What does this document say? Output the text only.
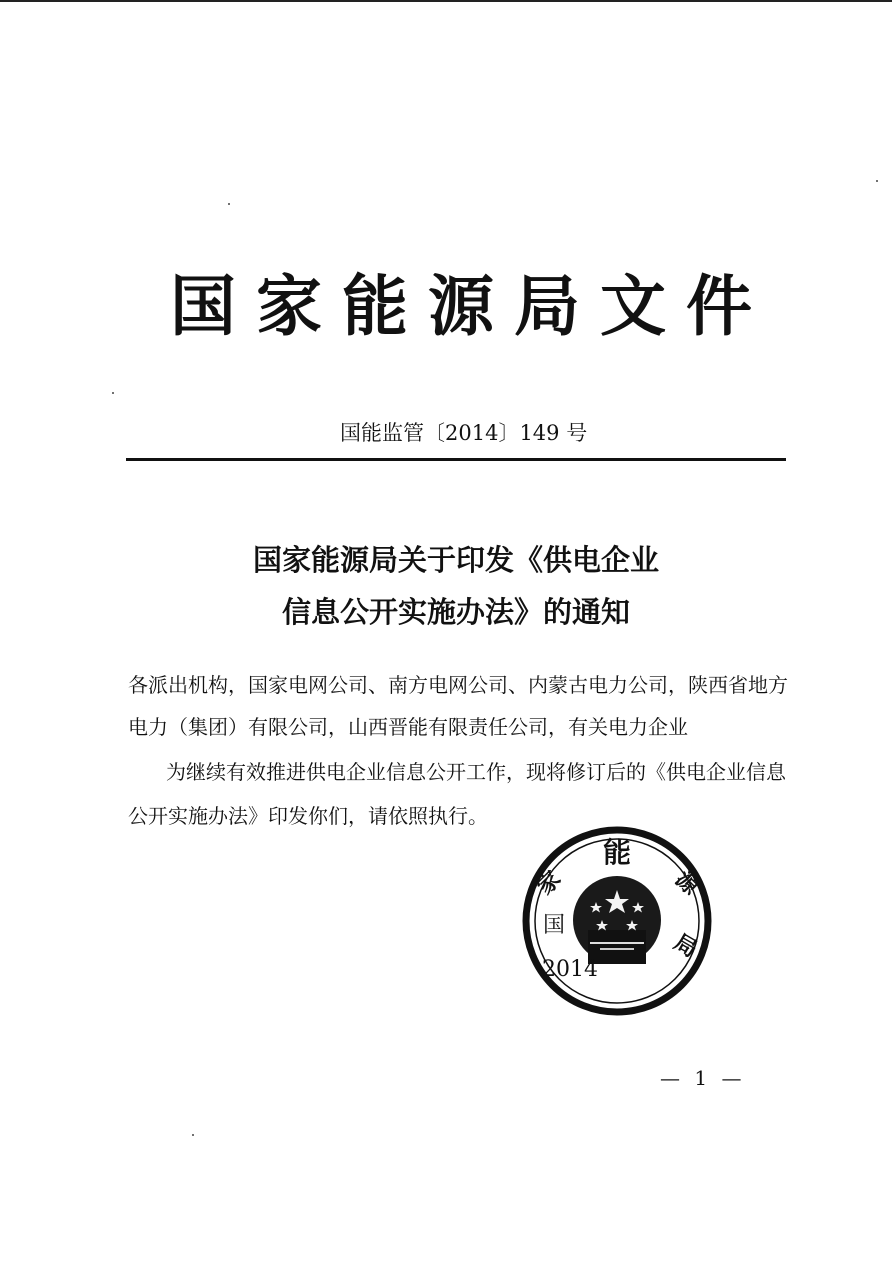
国家能源局文件
国能监管〔2014〕149 号
国家能源局关于印发《供电企业
信息公开实施办法》的通知
各派出机构，国家电网公司、南方电网公司、内蒙古电力公司，陕西省地方电力（集团）有限公司，山西晋能有限责任公司，有关电力企业
为继续有效推进供电企业信息公开工作，现将修订后的《供电企业信息公开实施办法》印发你们，请依照执行。
能
家	源
国
局
2014
— 1 —
